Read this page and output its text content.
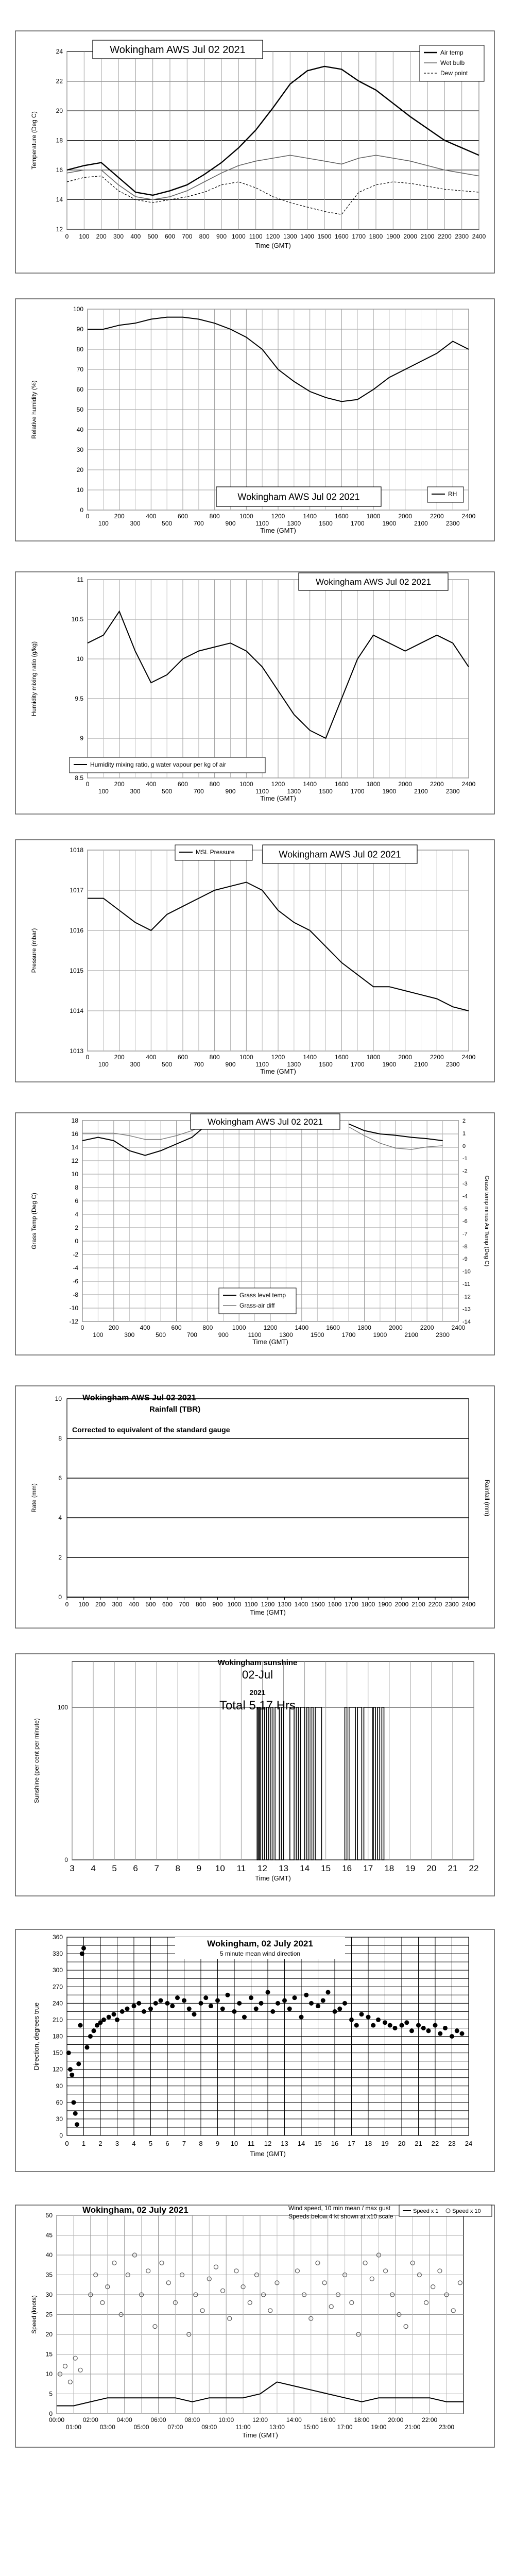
12
14
16
18
20
22
24
Temperature (Deg C)
0 100 200 300 400 500 600 700 800 900 1000 1100 1200 1300 1400 1500 1600 1700 1800 1900 2000 2100 2200 2300 2400
Time (GMT)
Wokingham AWS Jul 02 2021	Air temp
Wet bulb
Dew point
0
10
20
30
40
50
60
70
80
90
100
Relative humidity (%)
0	200	400	600	800	1000	1200	1400	1600	1800	2000	2200	2400
100	300	500	700	900	1100	1300	1500	1700	1900	2100	2300
Time (GMT)
Wokingham AWS Jul 02 2021	RH
8.5
9
9.5
10
10.5
11
Humidity mixing ratio (g/kg)
0	200	400	600	800	1000	1200	1400	1600	1800	2000	2200	2400
100	300	500	700	900	1100	1300	1500	1700	1900	2100	2300
Time (GMT)
Wokingham AWS Jul 02 2021
Humidity mixing ratio, g water vapour per kg of air
1013
1014
1015
1016
1017
1018
Pressure (mbar)
0	200	400	600	800	1000	1200	1400	1600	1800	2000	2200	2400
100	300	500	700	900	1100	1300	1500	1700	1900	2100	2300
Time (GMT)
Wokingham AWS Jul 02 2021
MSL Pressure
-12
-10
-8
-6
-4
-2
0
2
4
6
8
10
12
14
16
18
Grass Temp (Deg C)
0	200	400	600	800	1000	1200	1400	1600	1800	2000	2200	2400
100	300	500	700	900	1100	1300	1500	1700	1900	2100	2300
Time (GMT)
-14
-13
-12
-11
-10
-9
-8
-7
-6
-5
-4
-3
-2
-1
0
1
2
Grass temp minus Air Temp (Deg C)
Wokingham AWS Jul 02 2021
Grass level temp
Grass-air diff
0
2
4
6
8
10
Rate (mm)	Rainfall (mm)
0 100 200 300 400 500 600 700 800 900 1000 1100 1200 1300 1400 1500 1600 1700 1800 1900 2000 2100 2200 2300 2400
Time (GMT)
Wokingham AWS Jul 02 2021
Rainfall (TBR)
Corrected to equivalent of the standard gauge
0
100
Sunshine (per cent per minute)
3 4 5 6 7 8 9 10 11 12 13 14 15 16 17 18 19 20 21 22
Time (GMT)
Wokingham sunshine
02-Jul
2021
Total 5.17 Hrs
0
30
60
90
120
150
180
210
240
270
300
330
360
Direction, degrees true
0 1 2 3 4 5 6 7 8 9 10 11 12 13 14 15 16 17 18 19 20 21 22 23 24
Time (GMT)
Wokingham, 02 July 2021
5 minute mean wind direction
0
5
10
15
20
25
30
35
40
45
50
Speed (knots)
00:00	02:00	04:00	06:00	08:00	10:00	12:00	14:00	16:00	18:00	20:00	22:00
01:00	03:00	05:00	07:00	09:00	11:00	13:00	15:00	17:00	19:00	21:00	23:00
Time (GMT)
Wokingham, 02 July 2021	Wind speed, 10 min mean / max gust
Speeds below 4 kt shown at x10 scale
Speed x 1 Speed x 10
